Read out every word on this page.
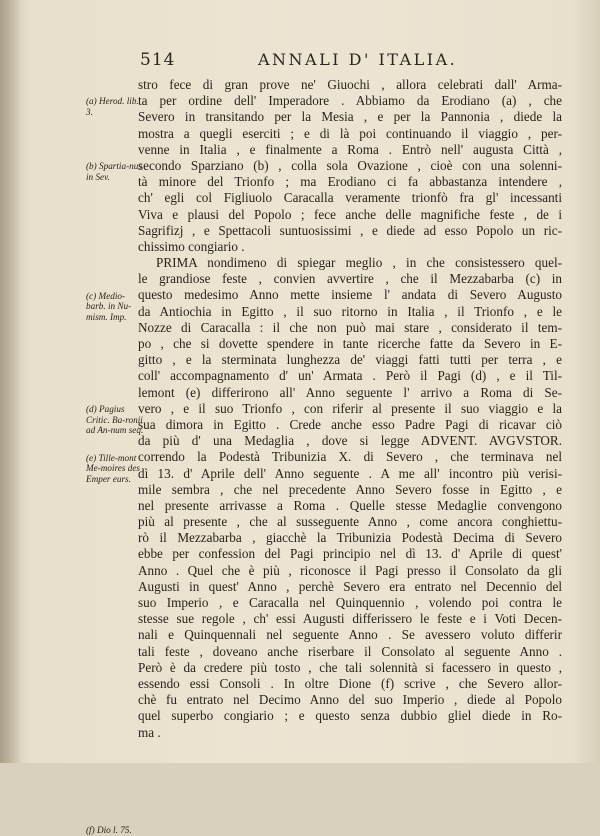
514	ANNALI D' ITALIA.
(a) Herod. lib. 3.
(b) Spartia-nus in Sev.
(c) Medio-barb. in Nu-mism. Imp.
(d) Pagius Critic. Ba-ronii ad An-num seq.
(e) Tille-mont Me-moires des Emper eurs.
(f) Dio l. 75.
stro fece di gran prove ne' Giuochi , allora celebrati dall' Arma-
ta per ordine dell' Imperadore . Abbiamo da Erodiano (a) , che
Severo in transitando per la Mesia , e per la Pannonia , diede la
mostra a quegli eserciti ; e di là poi continuando il viaggio , per-
venne in Italia , e finalmente a Roma . Entrò nell' augusta Città ,
secondo Sparziano (b) , colla sola Ovazione , cioè con una solenni-
tà minore del Trionfo ; ma Erodiano ci fa abbastanza intendere ,
ch' egli col Figliuolo Caracalla veramente trionfò fra gl' incessanti
Viva e plausi del Popolo ; fece anche delle magnifiche feste , de i
Sagrifizj , e Spettacoli suntuosissimi , e diede ad esso Popolo un ric-
chissimo congiario .
PRIMA nondimeno di spiegar meglio , in che consistessero quel-
le grandiose feste , convien avvertire , che il Mezzabarba (c) in
questo medesimo Anno mette insieme l' andata di Severo Augusto
da Antiochia in Egitto , il suo ritorno in Italia , il Trionfo , e le
Nozze di Caracalla : il che non può mai stare , considerato il tem-
po , che si dovette spendere in tante ricerche fatte da Severo in E-
gitto , e la sterminata lunghezza de' viaggi fatti tutti per terra , e
coll' accompagnamento d' un' Armata . Però il Pagi (d) , e il Til-
lemont (e) differirono all' Anno seguente l' arrivo a Roma di Se-
vero , e il suo Trionfo , con riferir al presente il suo viaggio e la
sua dimora in Egitto . Crede anche esso Padre Pagi di ricavar ciò
da più d' una Medaglia , dove si legge ADVENT. AVGVSTOR.
correndo la Podestà Tribunizia X. di Severo , che terminava nel
dì 13. d' Aprile dell' Anno seguente . A me all' incontro più verisi-
mile sembra , che nel precedente Anno Severo fosse in Egitto , e
nel presente arrivasse a Roma . Quelle stesse Medaglie convengono
più al presente , che al susseguente Anno , come ancora conghiettu-
rò il Mezzabarba , giacchè la Tribunizia Podestà Decima di Severo
ebbe per confession del Pagi principio nel dì 13. d' Aprile di quest'
Anno . Quel che è più , riconosce il Pagi presso il Consolato da gli
Augusti in quest' Anno , perchè Severo era entrato nel Decennio del
suo Imperio , e Caracalla nel Quinquennio , volendo poi contra le
stesse sue regole , ch' essi Augusti differissero le feste e i Voti Decen-
nali e Quinquennali nel seguente Anno . Se avessero voluto differir
tali feste , doveano anche riserbare il Consolato al seguente Anno .
Però è da credere più tosto , che tali solennità si facessero in questo ,
essendo essi Consoli . In oltre Dione (f) scrive , che Severo allor-
chè fu entrato nel Decimo Anno del suo Imperio , diede al Popolo
quel superbo congiario ; e questo senza dubbio gliel diede in Ro-
ma .
